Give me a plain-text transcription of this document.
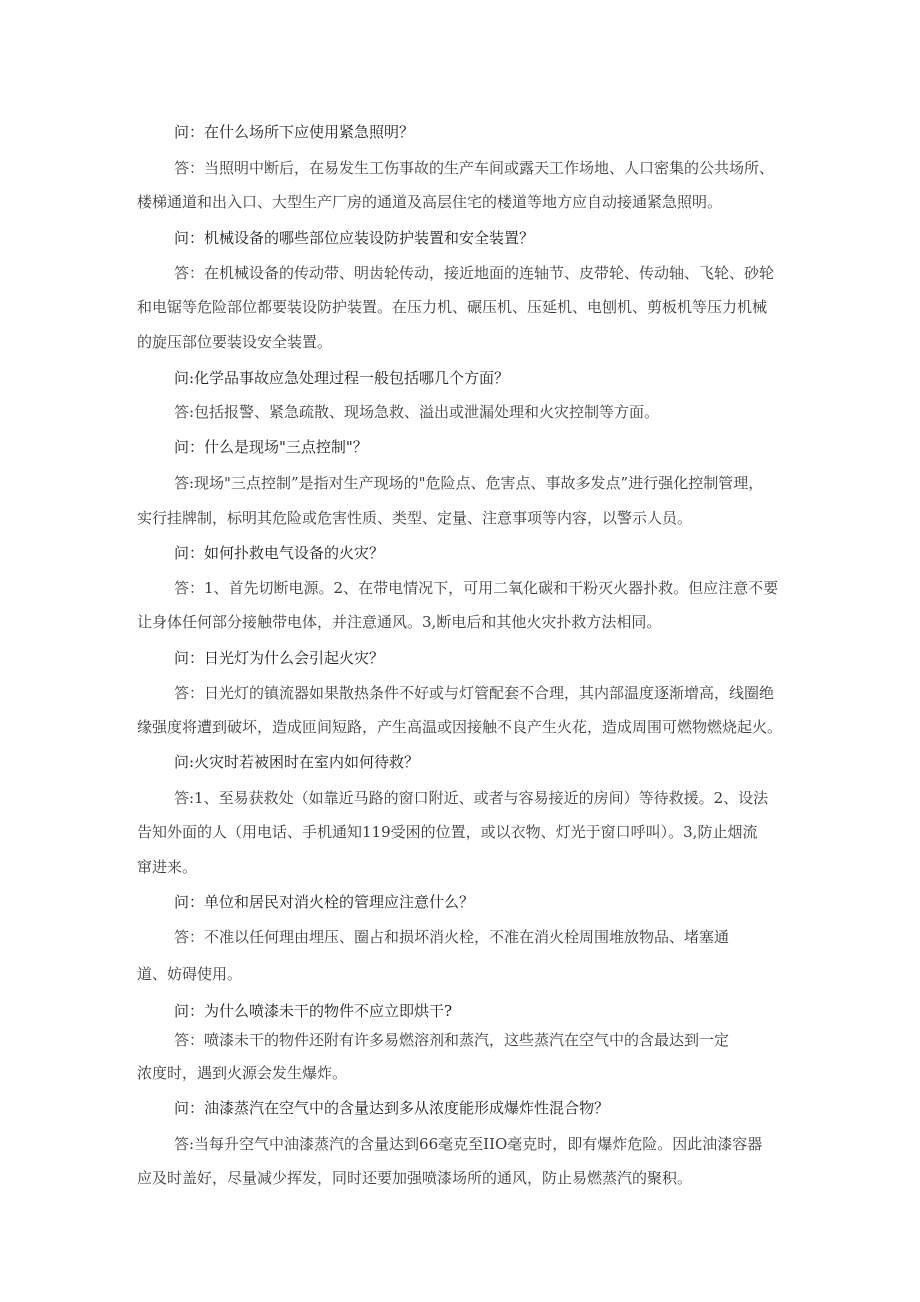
问：在什么场所下应使用紧急照明？
答：当照明中断后，在易发生工伤事故的生产车间或露天工作场地、人口密集的公共场所、
楼梯通道和出入口、大型生产厂房的通道及高层住宅的楼道等地方应自动接通紧急照明。
问：机械设备的哪些部位应装设防护装置和安全装置？
答：在机械设备的传动带、明齿轮传动，接近地面的连轴节、皮带轮、传动轴、飞轮、砂轮
和电锯等危险部位都要装设防护装置。在压力机、碾压机、压延机、电刨机、剪板机等压力机械
的旋压部位要装设安全装置。
问:化学品事故应急处理过程一般包括哪几个方面？
答:包括报警、紧急疏散、现场急救、溢出或泄漏处理和火灾控制等方面。
问：什么是现场"三点控制"？
答:现场"三点控制”是指对生产现场的"危险点、危害点、事故多发点”进行强化控制管理，
实行挂牌制，标明其危险或危害性质、类型、定量、注意事项等内容，以警示人员。
问：如何扑救电气设备的火灾？
答：1、首先切断电源。2、在带电情况下，可用二氧化碳和干粉灭火器扑救。但应注意不要
让身体任何部分接触带电体，并注意通风。3,断电后和其他火灾扑救方法相同。
问：日光灯为什么会引起火灾？
答：日光灯的镇流器如果散热条件不好或与灯管配套不合理，其内部温度逐渐增高，线圈绝
缘强度将遭到破坏，造成匝间短路，产生高温或因接触不良产生火花，造成周围可燃物燃烧起火。
问:火灾时若被困时在室内如何待救？
答:1、至易获救处（如靠近马路的窗口附近、或者与容易接近的房间）等待救援。2、设法
告知外面的人（用电话、手机通知119受困的位置，或以衣物、灯光于窗口呼叫）。3,防止烟流
窜进来。
问：单位和居民对消火栓的管理应注意什么？
答：不准以任何理由埋压、圈占和损坏消火栓，不准在消火栓周围堆放物品、堵塞通
道、妨碍使用。
问：为什么喷漆未干的物件不应立即烘干?
答：喷漆未干的物件还附有许多易燃溶剂和蒸汽，这些蒸汽在空气中的含最达到一定
浓度时，遇到火源会发生爆炸。
问：油漆蒸汽在空气中的含量达到多从浓度能形成爆炸性混合物？
答:当每升空气中油漆蒸汽的含量达到66毫克至IIO毫克时，即有爆炸危险。因此油漆容器
应及时盖好，尽量减少挥发，同时还要加强喷漆场所的通风，防止易燃蒸汽的聚积。
